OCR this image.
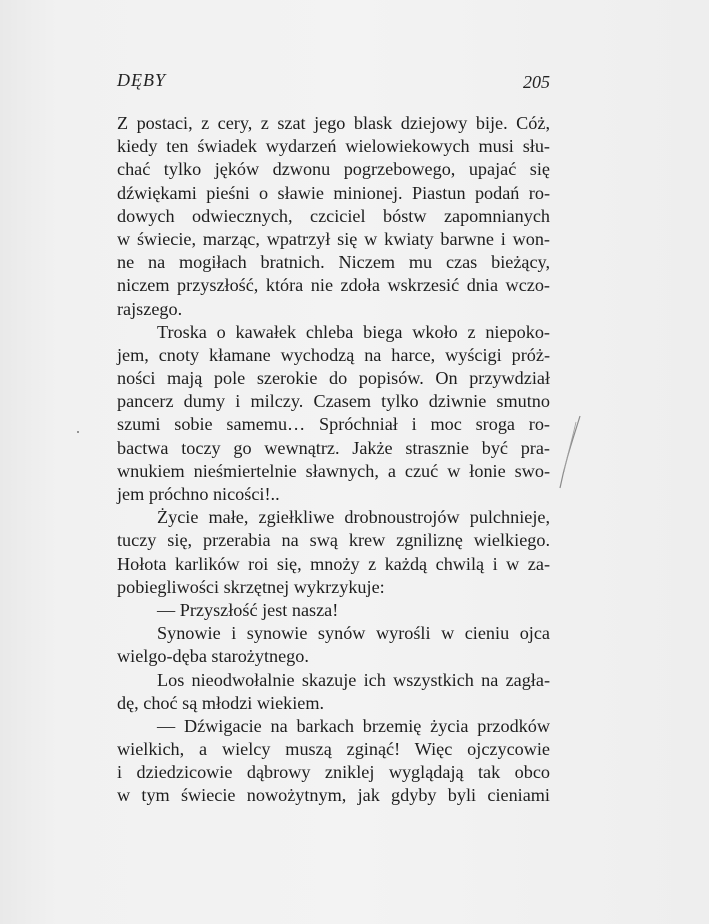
DĘBY	205
Z postaci, z cery, z szat jego blask dziejowy bije. Cóż,
kiedy ten świadek wydarzeń wielowiekowych musi słu-
chać tylko jęków dzwonu pogrzebowego, upajać się
dźwiękami pieśni o sławie minionej. Piastun podań ro-
dowych odwiecznych, czciciel bóstw zapomnianych
w świecie, marząc, wpatrzył się w kwiaty barwne i won-
ne na mogiłach bratnich. Niczem mu czas bieżący,
niczem przyszłość, która nie zdoła wskrzesić dnia wczo-
rajszego.
Troska o kawałek chleba biega wkoło z niepoko-
jem, cnoty kłamane wychodzą na harce, wyścigi próż-
ności mają pole szerokie do popisów. On przywdział
pancerz dumy i milczy. Czasem tylko dziwnie smutno
szumi sobie samemu… Spróchniał i moc sroga ro-
bactwa toczy go wewnątrz. Jakże strasznie być pra-
wnukiem nieśmiertelnie sławnych, a czuć w łonie swo-
jem próchno nicości!..
Życie małe, zgiełkliwe drobnoustrojów pulchnieje,
tuczy się, przerabia na swą krew zgniliznę wielkiego.
Hołota karlików roi się, mnoży z każdą chwilą i w za-
pobiegliwości skrzętnej wykrzykuje:
— Przyszłość jest nasza!
Synowie i synowie synów wyrośli w cieniu ojca
wielgo-dęba starożytnego.
Los nieodwołalnie skazuje ich wszystkich na zagła-
dę, choć są młodzi wiekiem.
— Dźwigacie na barkach brzemię życia przodków
wielkich, a wielcy muszą zginąć! Więc ojczycowie
i dziedzicowie dąbrowy zniklej wyglądają tak obco
w tym świecie nowożytnym, jak gdyby byli cieniami
